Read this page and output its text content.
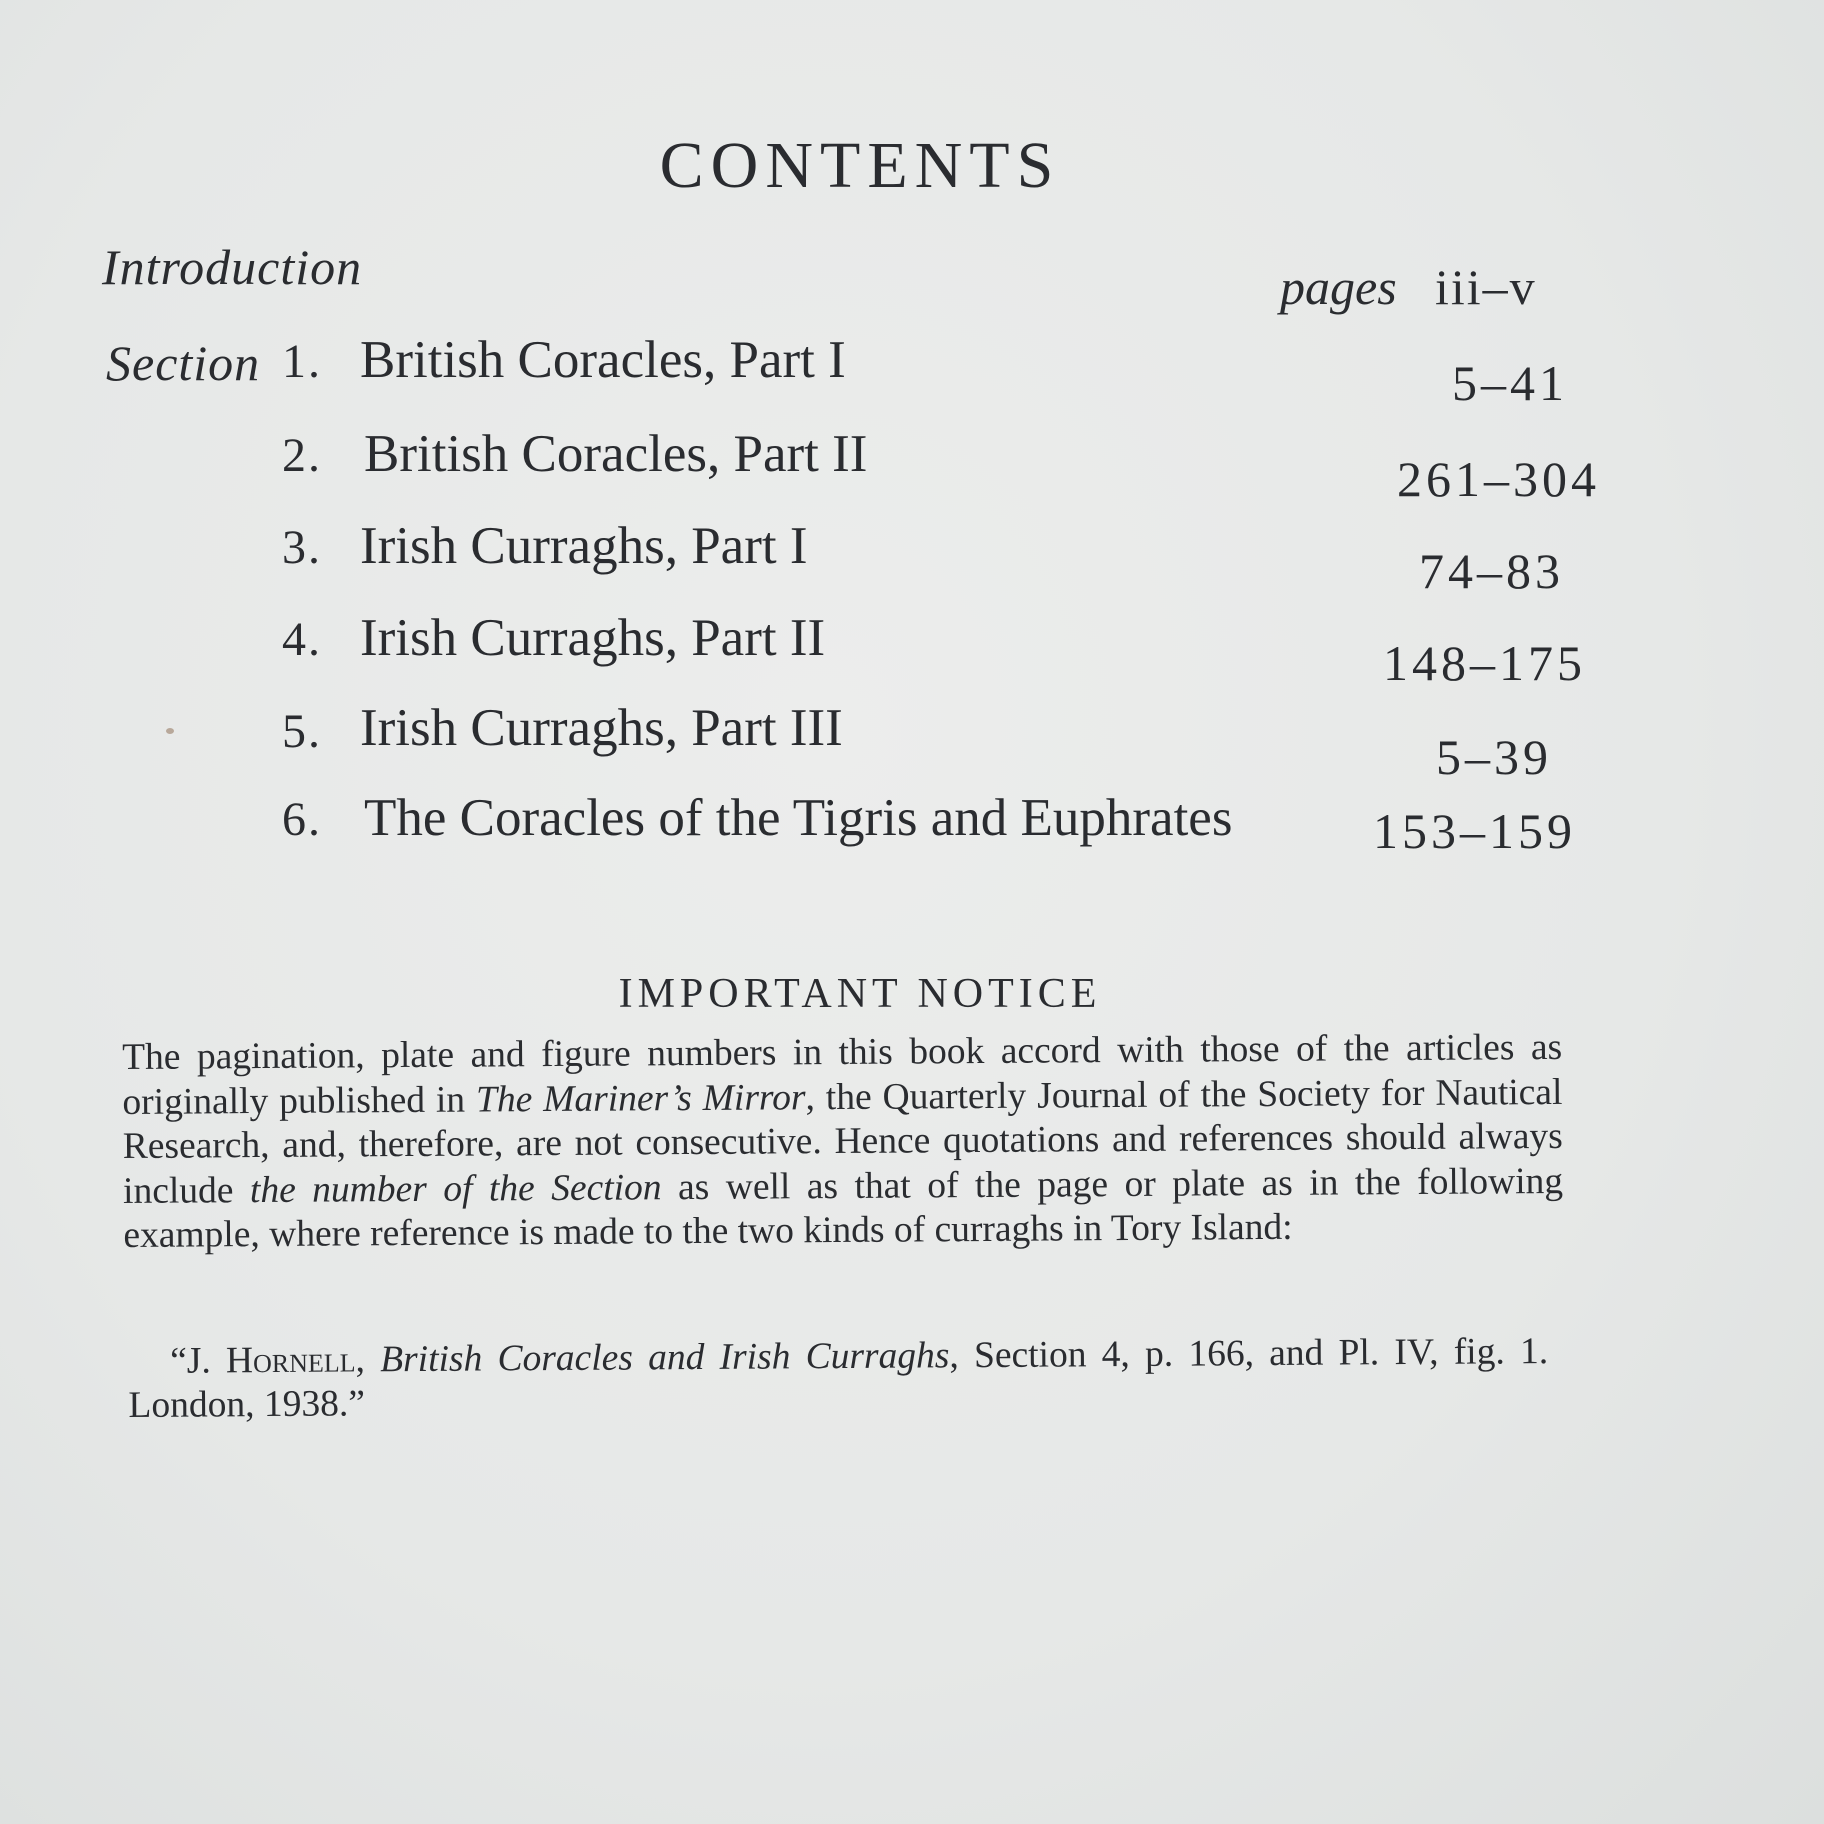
CONTENTS
Introduction	pages iii–v
Section 1. British Coracles, Part I	5–41
2. British Coracles, Part II	261–304
3. Irish Curraghs, Part I	74–83
4. Irish Curraghs, Part II	148–175
5. Irish Curraghs, Part III	5–39
6. The Coracles of the Tigris and Euphrates	153–159
IMPORTANT NOTICE
The pagination, plate and figure numbers in this book accord with those of the articles as originally published in The Mariner’s Mirror, the Quarterly Journal of the Society for Nautical Research, and, therefore, are not consecutive. Hence quotations and references should always include the number of the Section as well as that of the page or plate as in the following example, where reference is made to the two kinds of curraghs in Tory Island:
“J. Hornell, British Coracles and Irish Curraghs, Section 4, p. 166, and Pl. IV, fig. 1. London, 1938.”
